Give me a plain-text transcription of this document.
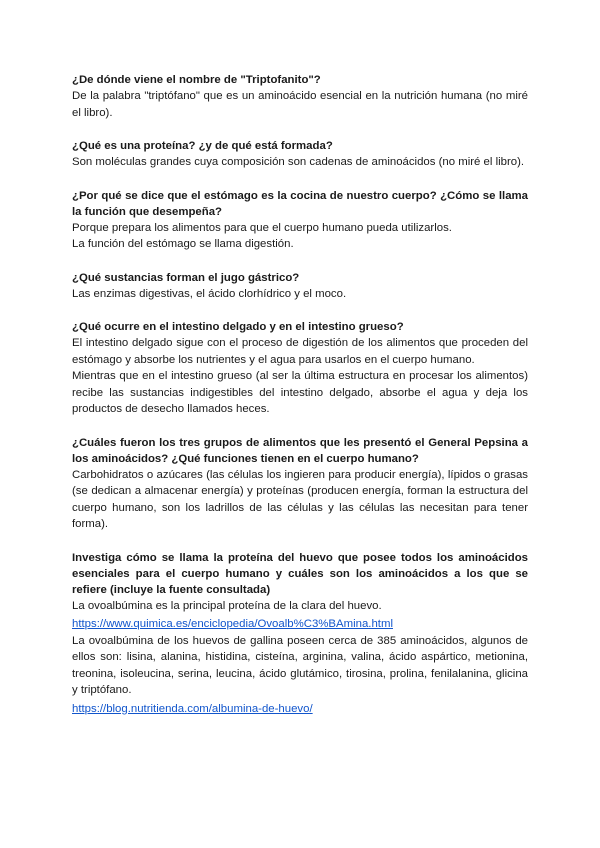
¿De dónde viene el nombre de "Triptofanito"?

De la palabra "triptófano" que es un aminoácido esencial en la nutrición humana (no miré el libro).

¿Qué es una proteína? ¿y de qué está formada?

Son moléculas grandes cuya composición son cadenas de aminoácidos (no miré el libro).

¿Por qué se dice que el estómago es la cocina de nuestro cuerpo? ¿Cómo se llama la función que desempeña?

Porque prepara los alimentos para que el cuerpo humano pueda utilizarlos.

La función del estómago se llama digestión.

¿Qué sustancias forman el jugo gástrico?

Las enzimas digestivas, el ácido clorhídrico y el moco.

¿Qué ocurre en el intestino delgado y en el intestino grueso?

El intestino delgado sigue con el proceso de digestión de los alimentos que proceden del estómago y absorbe los nutrientes y el agua para usarlos en el cuerpo humano.

Mientras que en el intestino grueso (al ser la última estructura en procesar los alimentos) recibe las sustancias indigestibles del intestino delgado, absorbe el agua y deja los productos de desecho llamados heces.

¿Cuáles fueron los tres grupos de alimentos que les presentó el General Pepsina a los aminoácidos? ¿Qué funciones tienen en el cuerpo humano?

Carbohidratos o azúcares (las células los ingieren para producir energía), lípidos o grasas (se dedican a almacenar energía) y proteínas (producen energía, forman la estructura del cuerpo humano, son los ladrillos de las células y las células las necesitan para tener forma).

Investiga cómo se llama la proteína del huevo que posee todos los aminoácidos esenciales para el cuerpo humano y cuáles son los aminoácidos a los que se refiere (incluye la fuente consultada)

La ovoalbúmina es la principal proteína de la clara del huevo.

https://www.quimica.es/enciclopedia/Ovoalb%C3%BAmina.html

La ovoalbúmina de los huevos de gallina poseen cerca de 385 aminoácidos, algunos de ellos son: lisina, alanina, histidina, cisteína, arginina, valina, ácido aspártico, metionina, treonina, isoleucina, serina, leucina, ácido glutámico, tirosina, prolina, fenilalanina, glicina y triptófano.

https://blog.nutritienda.com/albumina-de-huevo/
